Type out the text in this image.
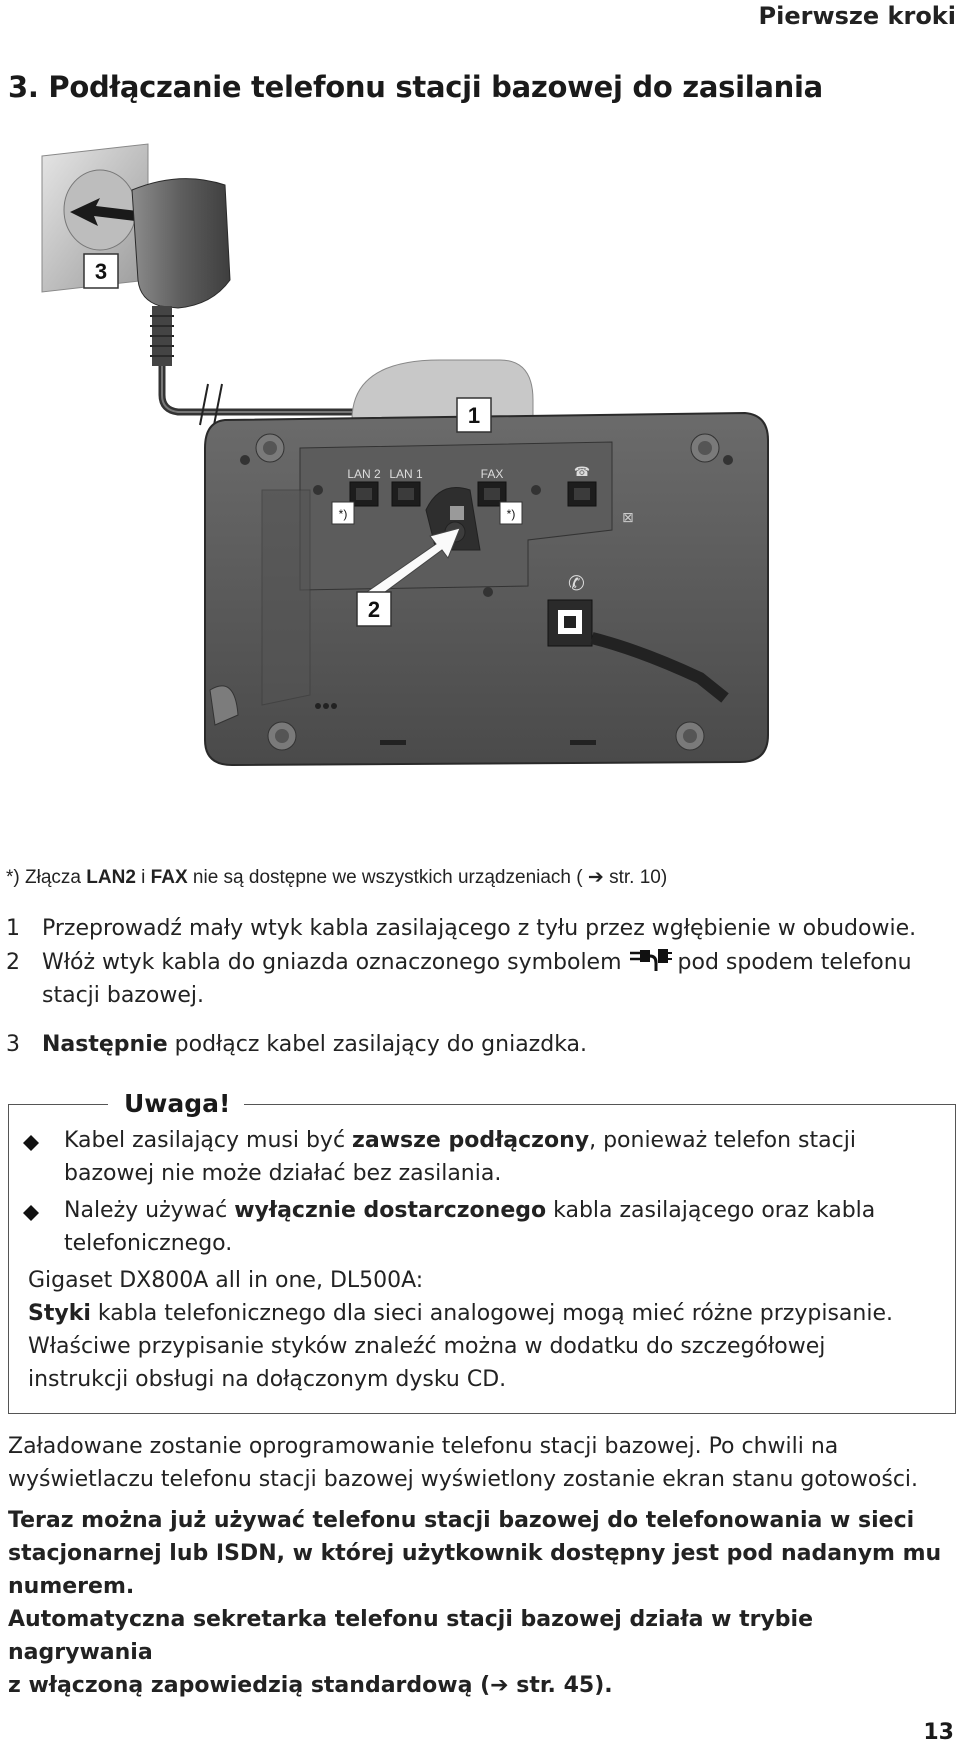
Pierwsze kroki
3. Podłączanie telefonu stacji bazowej do zasilania
3
LAN 2 LAN 1	FAX	☎
*)	*)	⊠
2
1
✆
*) Złącza LAN2 i FAX nie są dostępne we wszystkich urządzeniach ( ➔ str. 10)
1 Przeprowadź mały wtyk kabla zasilającego z tyłu przez wgłębienie w obudowie.
2 Włóż wtyk kabla do gniazda oznaczonego symbolem	pod spodem telefonu
stacji bazowej.
3 Następnie podłącz kabel zasilający do gniazdka.
Uwaga!
Kabel zasilający musi być zawsze podłączony, ponieważ telefon stacji
bazowej nie może działać bez zasilania.
Należy używać wyłącznie dostarczonego kabla zasilającego oraz kabla
telefonicznego.
Gigaset DX800A all in one, DL500A:
Styki kabla telefonicznego dla sieci analogowej mogą mieć różne przypisanie.
Właściwe przypisanie styków znaleźć można w dodatku do szczegółowej
instrukcji obsługi na dołączonym dysku CD.
Załadowane zostanie oprogramowanie telefonu stacji bazowej. Po chwili na
wyświetlaczu telefonu stacji bazowej wyświetlony zostanie ekran stanu gotowości.
Teraz można już używać telefonu stacji bazowej do telefonowania w sieci
stacjonarnej lub ISDN, w której użytkownik dostępny jest pod nadanym mu
numerem.
Automatyczna sekretarka telefonu stacji bazowej działa w trybie nagrywania
z włączoną zapowiedzią standardową (➔ str. 45).
13
